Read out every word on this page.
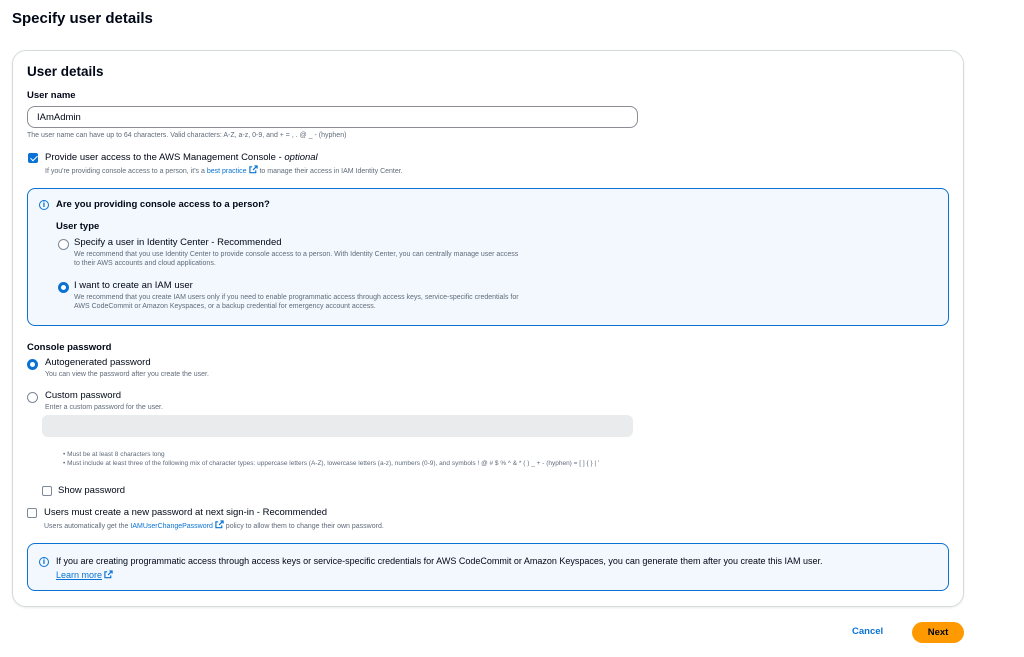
Specify user details
User details
User name
IAmAdmin
The user name can have up to 64 characters. Valid characters: A-Z, a-z, 0-9, and + = , . @ _ - (hyphen)
Provide user access to the AWS Management Console - optional
If you're providing console access to a person, it's a best practice to manage their access in IAM Identity Center.
i	Are you providing console access to a person?
User type
Specify a user in Identity Center - Recommended
We recommend that you use Identity Center to provide console access to a person. With Identity Center, you can centrally manage user access
to their AWS accounts and cloud applications.
I want to create an IAM user
We recommend that you create IAM users only if you need to enable programmatic access through access keys, service-specific credentials for
AWS CodeCommit or Amazon Keyspaces, or a backup credential for emergency account access.
Console password
Autogenerated password
You can view the password after you create the user.
Custom password
Enter a custom password for the user.
• Must be at least 8 characters long
• Must include at least three of the following mix of character types: uppercase letters (A-Z), lowercase letters (a-z), numbers (0-9), and symbols ! @ # $ % ^ & * ( ) _ + - (hyphen) = [ ] { } | '
Show password
Users must create a new password at next sign-in - Recommended
Users automatically get the IAMUserChangePassword policy to allow them to change their own password.
i	If you are creating programmatic access through access keys or service-specific credentials for AWS CodeCommit or Amazon Keyspaces, you can generate them after you create this IAM user.
Learn more
Cancel	Next
